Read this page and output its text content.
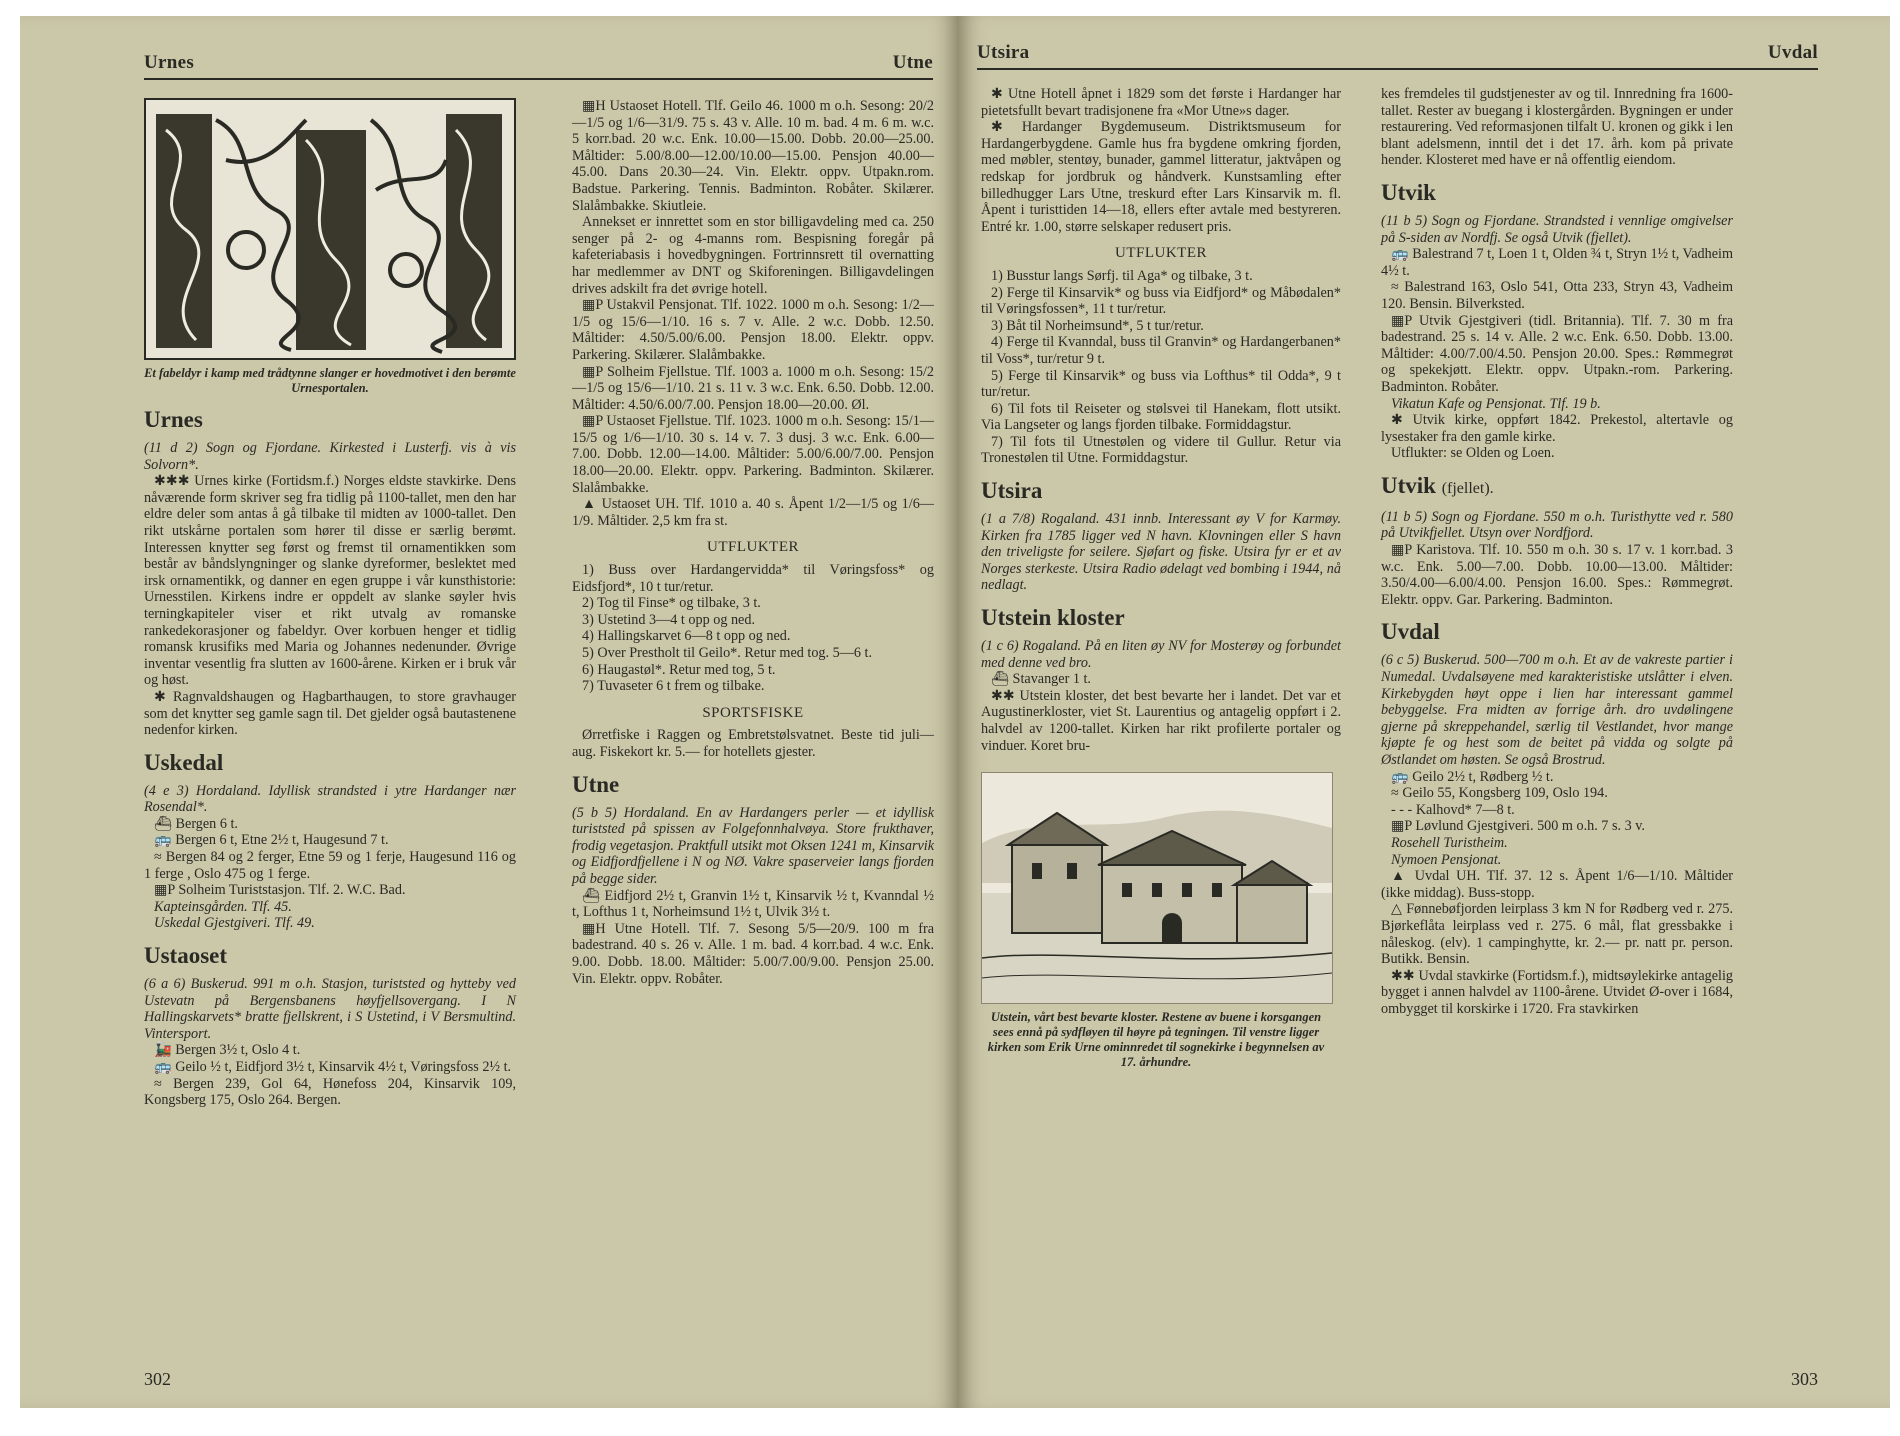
Urnes	Utne
Et fabeldyr i kamp med trådtynne slanger er hovedmotivet i den berømte Urnesportalen.
Urnes

(11 d 2) Sogn og Fjordane. Kirkested i Lusterfj. vis à vis Solvorn*.

✱✱✱ Urnes kirke (Fortidsm.f.) Norges eldste stavkirke. Dens nåværende form skriver seg fra tidlig på 1100-tallet, men den har eldre deler som antas å gå tilbake til midten av 1000-tallet. Den rikt utskårne portalen som hører til disse er særlig berømt. Interessen knytter seg først og fremst til ornamentikken som består av båndslyngninger og slanke dyreformer, beslektet med irsk ornamentikk, og danner en egen gruppe i vår kunsthistorie: Urnesstilen. Kirkens indre er oppdelt av slanke søyler hvis terningkapiteler viser et rikt utvalg av romanske rankedekorasjoner og fabeldyr. Over korbuen henger et tidlig romansk krusifiks med Maria og Johannes nedenunder. Øvrige inventar vesentlig fra slutten av 1600-årene. Kirken er i bruk vår og høst.

✱ Ragnvaldshaugen og Hagbarthaugen, to store gravhauger som det knytter seg gamle sagn til. Det gjelder også bautastenene nedenfor kirken.

Uskedal

(4 e 3) Hordaland. Idyllisk strandsted i ytre Hardanger nær Rosendal*.

⛴ Bergen 6 t.

🚌 Bergen 6 t, Etne 2½ t, Haugesund 7 t.

≈ Bergen 84 og 2 ferger, Etne 59 og 1 ferje, Haugesund 116 og 1 ferge , Oslo 475 og 1 ferge.

▦P Solheim Turiststasjon. Tlf. 2. W.C. Bad.

Kapteinsgården. Tlf. 45.

Uskedal Gjestgiveri. Tlf. 49.

Ustaoset

(6 a 6) Buskerud. 991 m o.h. Stasjon, turiststed og hytteby ved Ustevatn på Bergensbanens høyfjellsovergang. I N Hallingskarvets* bratte fjellskrent, i S Ustetind, i V Bersmultind. Vintersport.

🚂 Bergen 3½ t, Oslo 4 t.

🚌 Geilo ½ t, Eidfjord 3½ t, Kinsarvik 4½ t, Vøringsfoss 2½ t.

≈ Bergen 239, Gol 64, Hønefoss 204, Kinsarvik 109, Kongsberg 175, Oslo 264. Bergen.

▦H Ustaoset Hotell. Tlf. Geilo 46. 1000 m o.h. Sesong: 20/2—1/5 og 1/6—31/9. 75 s. 43 v. Alle. 10 m. bad. 4 m. 6 m. w.c. 5 korr.bad. 20 w.c. Enk. 10.00—15.00. Dobb. 20.00—25.00. Måltider: 5.00/8.00—12.00/10.00—15.00. Pensjon 40.00—45.00. Dans 20.30—24. Vin. Elektr. oppv. Utpakn.rom. Badstue. Parkering. Tennis. Badminton. Robåter. Skilærer. Slalåmbakke. Skiutleie.

Annekset er innrettet som en stor billigavdeling med ca. 250 senger på 2- og 4-manns rom. Bespisning foregår på kafeteriabasis i hovedbygningen. Fortrinnsrett til overnatting har medlemmer av DNT og Skiforeningen. Billigavdelingen drives adskilt fra det øvrige hotell.

▦P Ustakvil Pensjonat. Tlf. 1022. 1000 m o.h. Sesong: 1/2—1/5 og 15/6—1/10. 16 s. 7 v. Alle. 2 w.c. Dobb. 12.50. Måltider: 4.50/5.00/6.00. Pensjon 18.00. Elektr. oppv. Parkering. Skilærer. Slalåmbakke.

▦P Solheim Fjellstue. Tlf. 1003 a. 1000 m o.h. Sesong: 15/2—1/5 og 15/6—1/10. 21 s. 11 v. 3 w.c. Enk. 6.50. Dobb. 12.00. Måltider: 4.50/6.00/7.00. Pensjon 18.00—20.00. Øl.

▦P Ustaoset Fjellstue. Tlf. 1023. 1000 m o.h. Sesong: 15/1—15/5 og 1/6—1/10. 30 s. 14 v. 7. 3 dusj. 3 w.c. Enk. 6.00—7.00. Dobb. 12.00—14.00. Måltider: 5.00/6.00/7.00. Pensjon 18.00—20.00. Elektr. oppv. Parkering. Badminton. Skilærer. Slalåmbakke.

▲ Ustaoset UH. Tlf. 1010 a. 40 s. Åpent 1/2—1/5 og 1/6—1/9. Måltider. 2,5 km fra st.

UTFLUKTER

1) Buss over Hardangervidda* til Vøringsfoss* og Eidsfjord*, 10 t tur/retur.

2) Tog til Finse* og tilbake, 3 t.

3) Ustetind 3—4 t opp og ned.

4) Hallingskarvet 6—8 t opp og ned.

5) Over Prestholt til Geilo*. Retur med tog. 5—6 t.

6) Haugastøl*. Retur med tog, 5 t.

7) Tuvaseter 6 t frem og tilbake.

SPORTSFISKE

Ørretfiske i Raggen og Embretstølsvatnet. Beste tid juli—aug. Fiskekort kr. 5.— for hotellets gjester.

Utne

(5 b 5) Hordaland. En av Hardangers perler — et idyllisk turiststed på spissen av Folgefonnhalvøya. Store frukthaver, frodig vegetasjon. Praktfull utsikt mot Oksen 1241 m, Kinsarvik og Eidfjordfjellene i N og NØ. Vakre spaserveier langs fjorden på begge sider.

⛴ Eidfjord 2½ t, Granvin 1½ t, Kinsarvik ½ t, Kvanndal ½ t, Lofthus 1 t, Norheimsund 1½ t, Ulvik 3½ t.

▦H Utne Hotell. Tlf. 7. Sesong 5/5—20/9. 100 m fra badestrand. 40 s. 26 v. Alle. 1 m. bad. 4 korr.bad. 4 w.c. Enk. 9.00. Dobb. 18.00. Måltider: 5.00/7.00/9.00. Pensjon 25.00. Vin. Elektr. oppv. Robåter.

302
Utsira	Uvdal

✱ Utne Hotell åpnet i 1829 som det første i Hardanger har pietetsfullt bevart tradisjonene fra «Mor Utne»s dager.

✱ Hardanger Bygdemuseum. Distriktsmuseum for Hardangerbygdene. Gamle hus fra bygdene omkring fjorden, med møbler, stentøy, bunader, gammel litteratur, jaktvåpen og redskap for jordbruk og håndverk. Kunstsamling efter billedhugger Lars Utne, treskurd efter Lars Kinsarvik m. fl. Åpent i turisttiden 14—18, ellers efter avtale med bestyreren. Entré kr. 1.00, større selskaper redusert pris.

UTFLUKTER

1) Busstur langs Sørfj. til Aga* og tilbake, 3 t.

2) Ferge til Kinsarvik* og buss via Eidfjord* og Måbødalen* til Vøringsfossen*, 11 t tur/retur.

3) Båt til Norheimsund*, 5 t tur/retur.

4) Ferge til Kvanndal, buss til Granvin* og Hardangerbanen* til Voss*, tur/retur 9 t.

5) Ferge til Kinsarvik* og buss via Lofthus* til Odda*, 9 t tur/retur.

6) Til fots til Reiseter og stølsvei til Hanekam, flott utsikt. Via Langseter og langs fjorden tilbake. Formiddagstur.

7) Til fots til Utnestølen og videre til Gullur. Retur via Tronestølen til Utne. Formiddagstur.

Utsira

(1 a 7/8) Rogaland. 431 innb. Interessant øy V for Karmøy. Kirken fra 1785 ligger ved N havn. Klovningen eller S havn den triveligste for seilere. Sjøfart og fiske. Utsira fyr er et av Norges sterkeste. Utsira Radio ødelagt ved bombing i 1944, nå nedlagt.

Utstein kloster

(1 c 6) Rogaland. På en liten øy NV for Mosterøy og forbundet med denne ved bro.

⛴ Stavanger 1 t.

✱✱ Utstein kloster, det best bevarte her i landet. Det var et Augustinerkloster, viet St. Laurentius og antagelig oppført i 2. halvdel av 1200-tallet. Kirken har rikt profilerte portaler og vinduer. Koret bru-

Utstein, vårt best bevarte kloster. Restene av buene i korsgangen sees ennå på sydfløyen til høyre på tegningen. Til venstre ligger kirken som Erik Urne ominnredet til sognekirke i begynnelsen av 17. århundre.

kes fremdeles til gudstjenester av og til. Innredning fra 1600-tallet. Rester av buegang i klostergården. Bygningen er under restaurering. Ved reformasjonen tilfalt U. kronen og gikk i len blant adelsmenn, inntil det i det 17. årh. kom på private hender. Klosteret med have er nå offentlig eiendom.

Utvik

(11 b 5) Sogn og Fjordane. Strandsted i vennlige omgivelser på S-siden av Nordfj. Se også Utvik (fjellet).

🚌 Balestrand 7 t, Loen 1 t, Olden ¾ t, Stryn 1½ t, Vadheim 4½ t.

≈ Balestrand 163, Oslo 541, Otta 233, Stryn 43, Vadheim 120. Bensin. Bilverksted.

▦P Utvik Gjestgiveri (tidl. Britannia). Tlf. 7. 30 m fra badestrand. 25 s. 14 v. Alle. 2 w.c. Enk. 6.50. Dobb. 13.00. Måltider: 4.00/7.00/4.50. Pensjon 20.00. Spes.: Rømmegrøt og spekekjøtt. Elektr. oppv. Utpakn.-rom. Parkering. Badminton. Robåter.

Vikatun Kafe og Pensjonat. Tlf. 19 b.

✱ Utvik kirke, oppført 1842. Prekestol, altertavle og lysestaker fra den gamle kirke.

Utflukter: se Olden og Loen.

Utvik (fjellet).

(11 b 5) Sogn og Fjordane. 550 m o.h. Turisthytte ved r. 580 på Utvikfjellet. Utsyn over Nordfjord.

▦P Karistova. Tlf. 10. 550 m o.h. 30 s. 17 v. 1 korr.bad. 3 w.c. Enk. 5.00—7.00. Dobb. 10.00—13.00. Måltider: 3.50/4.00—6.00/4.00. Pensjon 16.00. Spes.: Rømmegrøt. Elektr. oppv. Gar. Parkering. Badminton.

Uvdal

(6 c 5) Buskerud. 500—700 m o.h. Et av de vakreste partier i Numedal. Uvdalsøyene med karakteristiske utslåtter i elven. Kirkebygden høyt oppe i lien har interessant gammel bebyggelse. Fra midten av forrige årh. dro uvdølingene gjerne på skreppehandel, særlig til Vestlandet, hvor mange kjøpte fe og hest som de beitet på vidda og solgte på Østlandet om høsten. Se også Brostrud.

🚌 Geilo 2½ t, Rødberg ½ t.

≈ Geilo 55, Kongsberg 109, Oslo 194.

- - - Kalhovd* 7—8 t.

▦P Løvlund Gjestgiveri. 500 m o.h. 7 s. 3 v.

Rosehell Turistheim.

Nymoen Pensjonat.

▲ Uvdal UH. Tlf. 37. 12 s. Åpent 1/6—1/10. Måltider (ikke middag). Buss-stopp.

△ Fønnebøfjorden leirplass 3 km N for Rødberg ved r. 275. Bjørkeflåta leirplass ved r. 275. 6 mål, flat gressbakke i nåleskog. (elv). 1 campinghytte, kr. 2.— pr. natt pr. person. Butikk. Bensin.

✱✱ Uvdal stavkirke (Fortidsm.f.), midtsøylekirke antagelig bygget i annen halvdel av 1100-årene. Utvidet Ø-over i 1684, ombygget til korskirke i 1720. Fra stavkirken

303
